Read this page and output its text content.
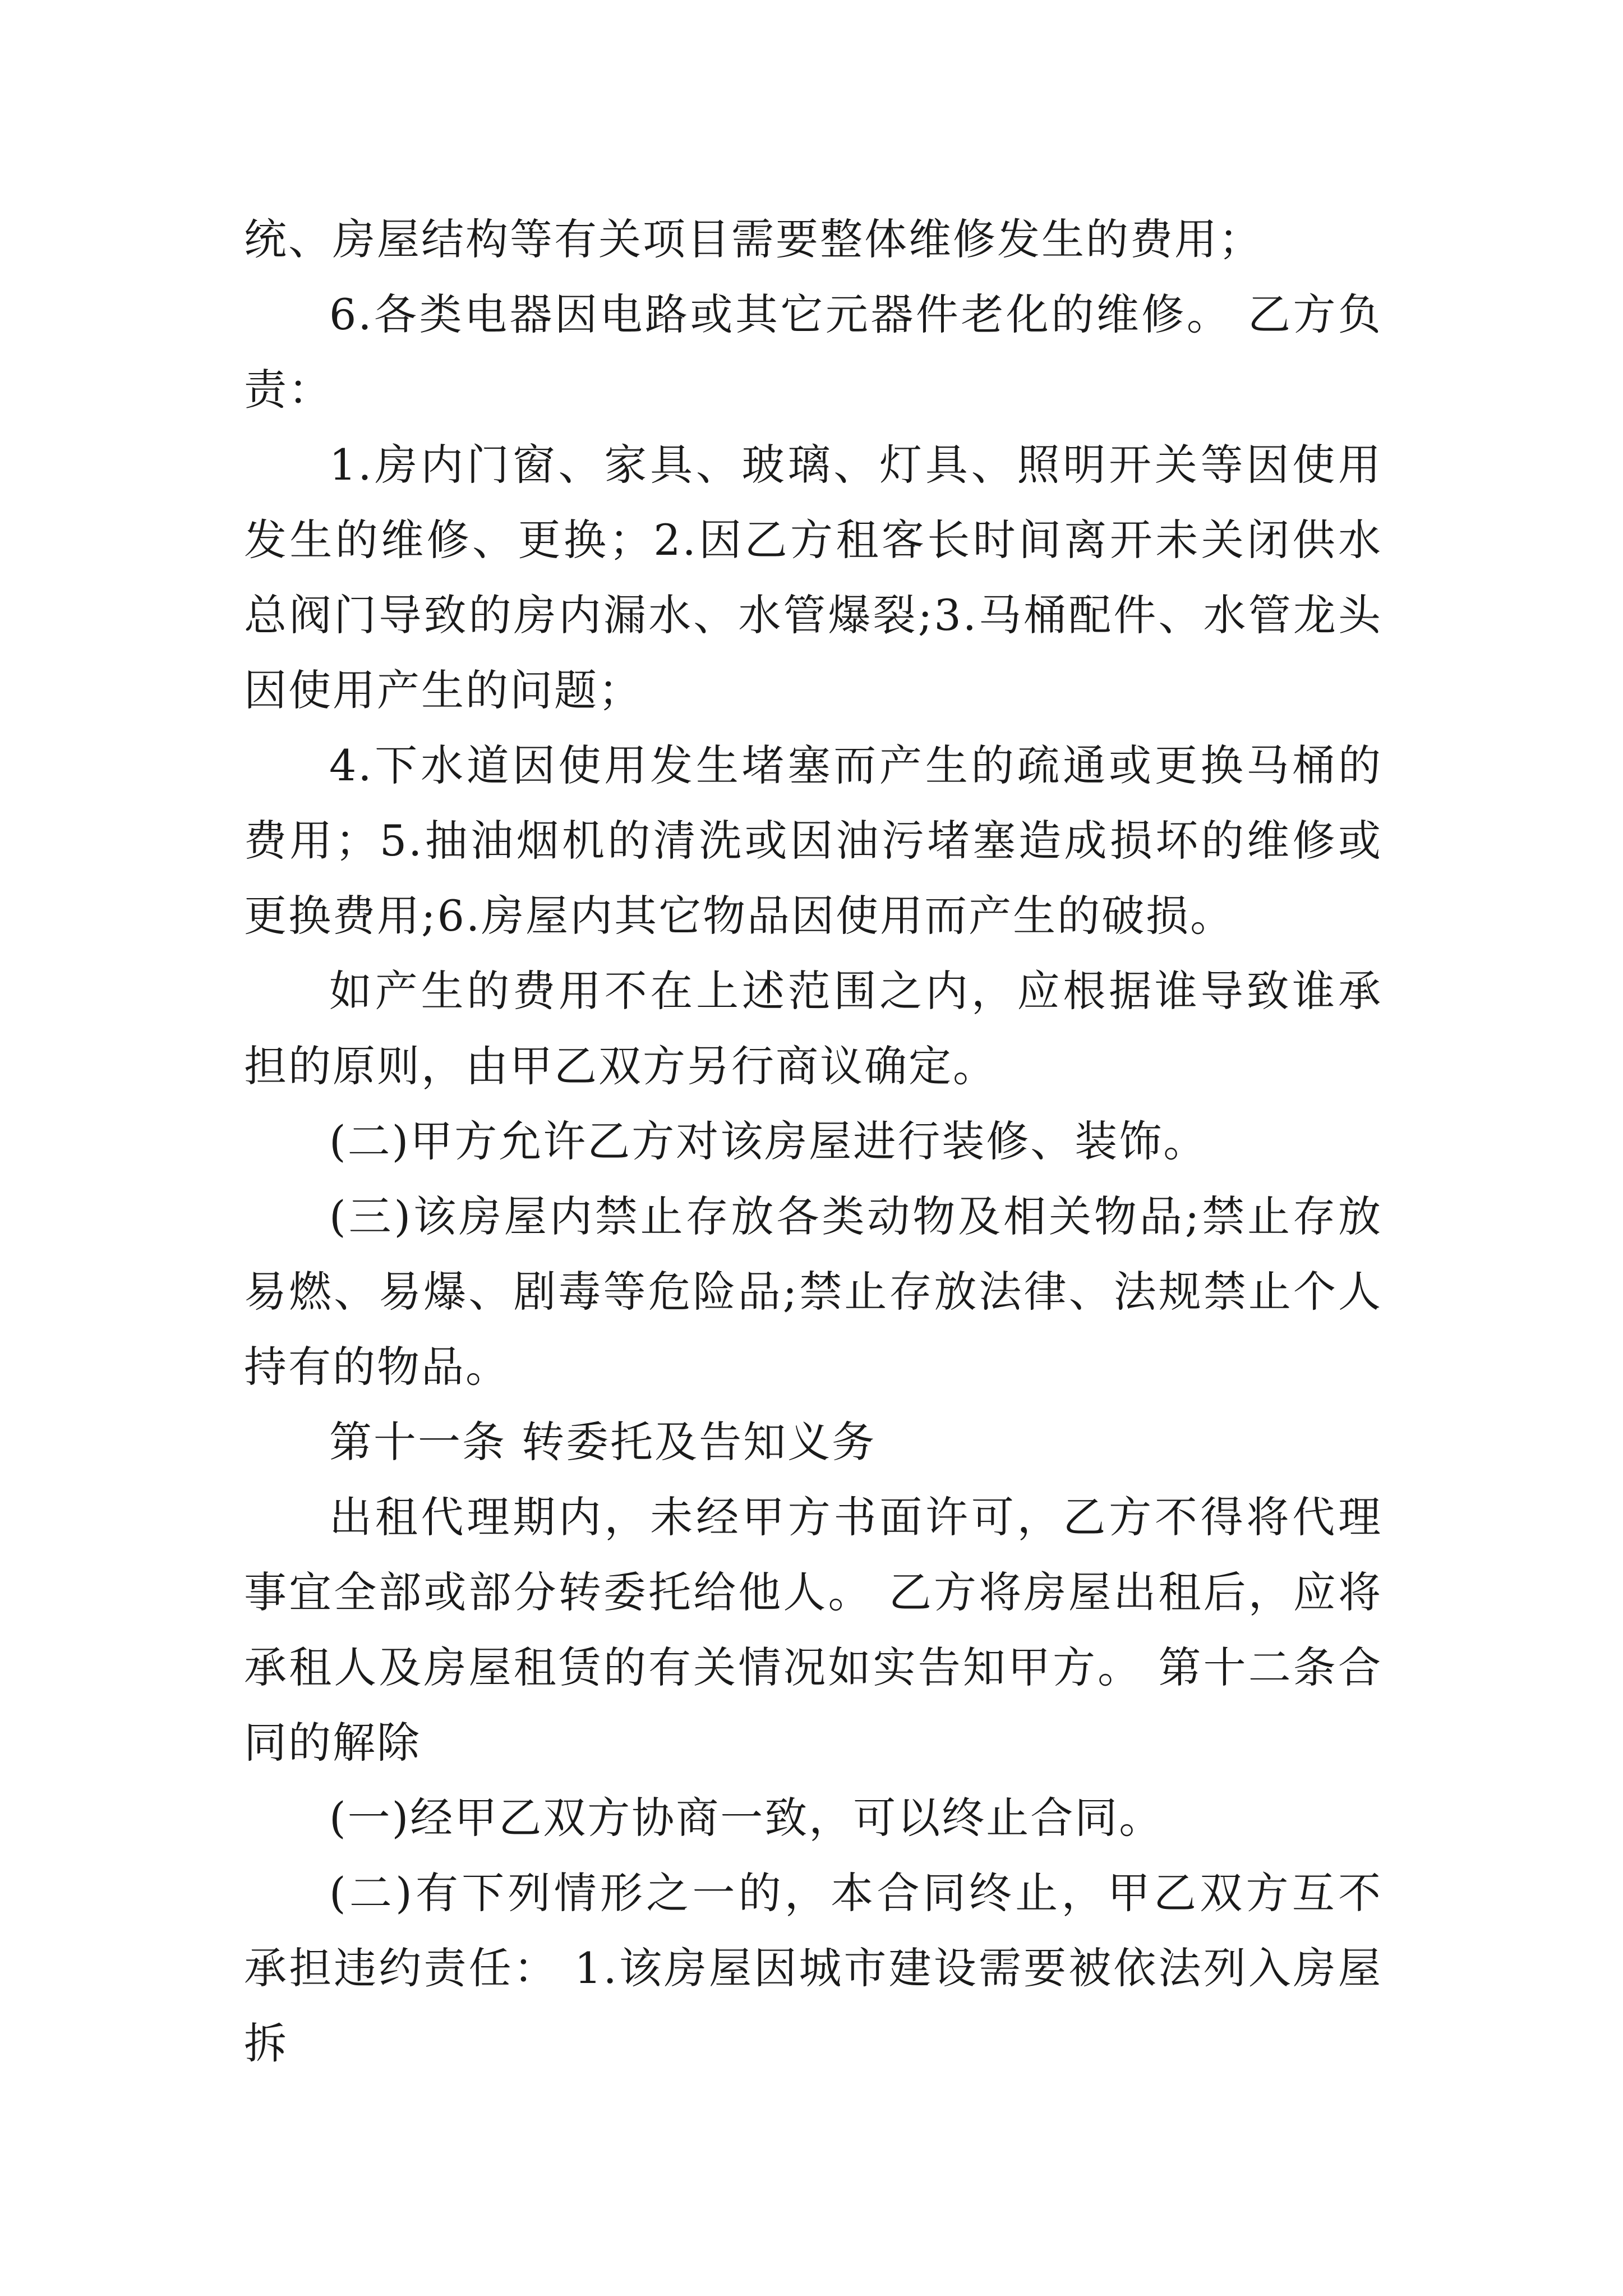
统、房屋结构等有关项目需要整体维修发生的费用；

6.各类电器因电路或其它元器件老化的维修。 乙方负责：

1.房内门窗、家具、玻璃、灯具、照明开关等因使用发生的维修、更换；2.因乙方租客长时间离开未关闭供水总阀门导致的房内漏水、水管爆裂;3.马桶配件、水管龙头因使用产生的问题；

4.下水道因使用发生堵塞而产生的疏通或更换马桶的费用；5.抽油烟机的清洗或因油污堵塞造成损坏的维修或更换费用;6.房屋内其它物品因使用而产生的破损。

如产生的费用不在上述范围之内，应根据谁导致谁承担的原则，由甲乙双方另行商议确定。

(二)甲方允许乙方对该房屋进行装修、装饰。

(三)该房屋内禁止存放各类动物及相关物品;禁止存放易燃、易爆、剧毒等危险品;禁止存放法律、法规禁止个人持有的物品。

第十一条 转委托及告知义务

出租代理期内，未经甲方书面许可，乙方不得将代理事宜全部或部分转委托给他人。 乙方将房屋出租后，应将承租人及房屋租赁的有关情况如实告知甲方。 第十二条合同的解除

(一)经甲乙双方协商一致，可以终止合同。

(二)有下列情形之一的，本合同终止，甲乙双方互不承担违约责任： 1.该房屋因城市建设需要被依法列入房屋拆
